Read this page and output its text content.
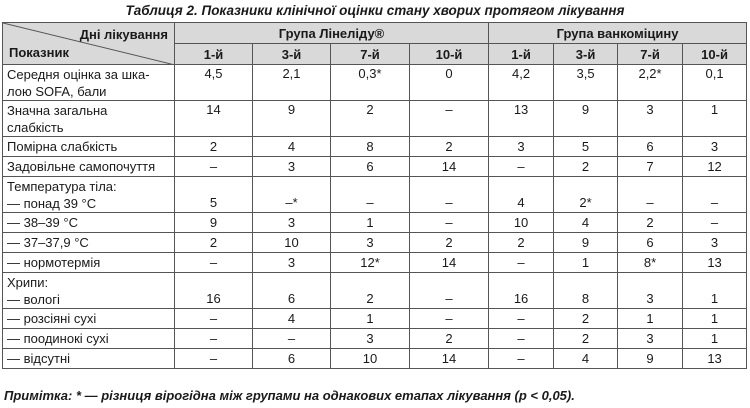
Таблиця 2. Показники клінічної оцінки стану хворих протягом лікування
Дні лікування
Показник	Група Лінеліду®				Група ванкоміцину			
	1-й	3-й	7-й	10-й	1-й	3-й	7-й	10-й

Середня оцінка за шка-
лою SOFA, бали	4,5	2,1	0,3*	0	4,2	3,5	2,2*	0,1

Значна загальна
слабкість	14	9	2	–	13	9	3	1

Помірна слабкість	2	4	8	2	3	5	6	3

Задовільне самопочуття	–	3	6	14	–	2	7	12

Температура тіла:
— понад 39 °С	5	–*	–	–	4	2*	–	–

— 38–39 °С	9	3	1	–	10	4	2	–

— 37–37,9 °С	2	10	3	2	2	9	6	3

— нормотермія	–	3	12*	14	–	1	8*	13

Хрипи:
— вологі	16	6	2	–	16	8	3	1

— розсіяні сухі	–	4	1	–	–	2	1	1

— поодинокі сухі	–	–	3	2	–	2	3	1

— відсутні	–	6	10	14	–	4	9	13
Примітка: * — різниця вірогідна між групами на однакових етапах лікування (р < 0,05).
